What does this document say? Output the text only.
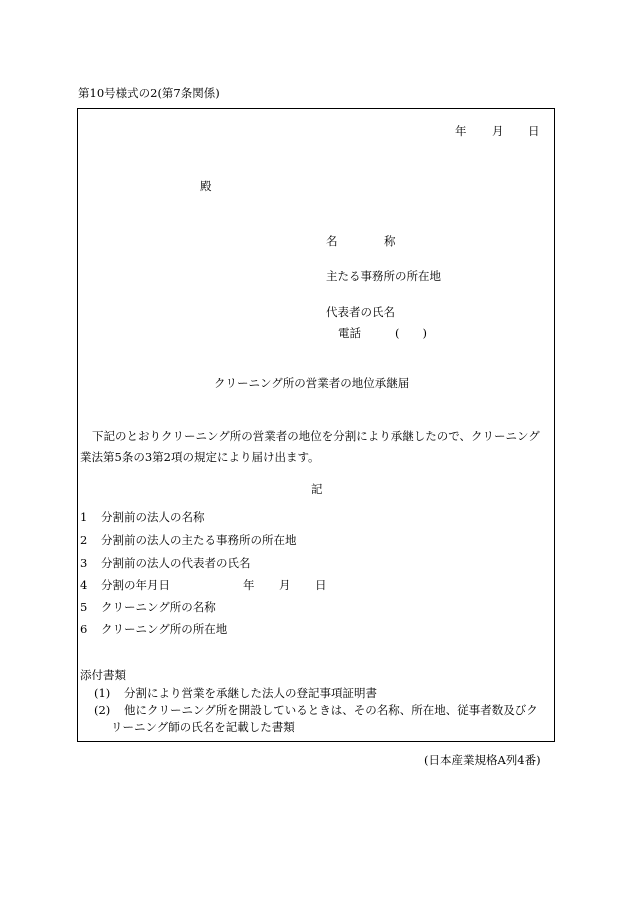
第10号様式の2(第7条関係)
年 月 日
殿
名	称
主たる事務所の所在地
代表者の氏名
電話	(　　)
クリーニング所の営業者の地位承継届
下記のとおりクリーニング所の営業者の地位を分割により承継したので、クリーニング
業法第5条の3第2項の規定により届け出ます。
記
1 分割前の法人の名称
2 分割前の法人の主たる事務所の所在地
3 分割前の法人の代表者の氏名
4 分割の年月日	年 月 日
5 クリーニング所の名称
6 クリーニング所の所在地
添付書類
(1) 分割により営業を承継した法人の登記事項証明書
(2) 他にクリーニング所を開設しているときは、その名称、所在地、従事者数及びク
リーニング師の氏名を記載した書類
(日本産業規格A列4番)
